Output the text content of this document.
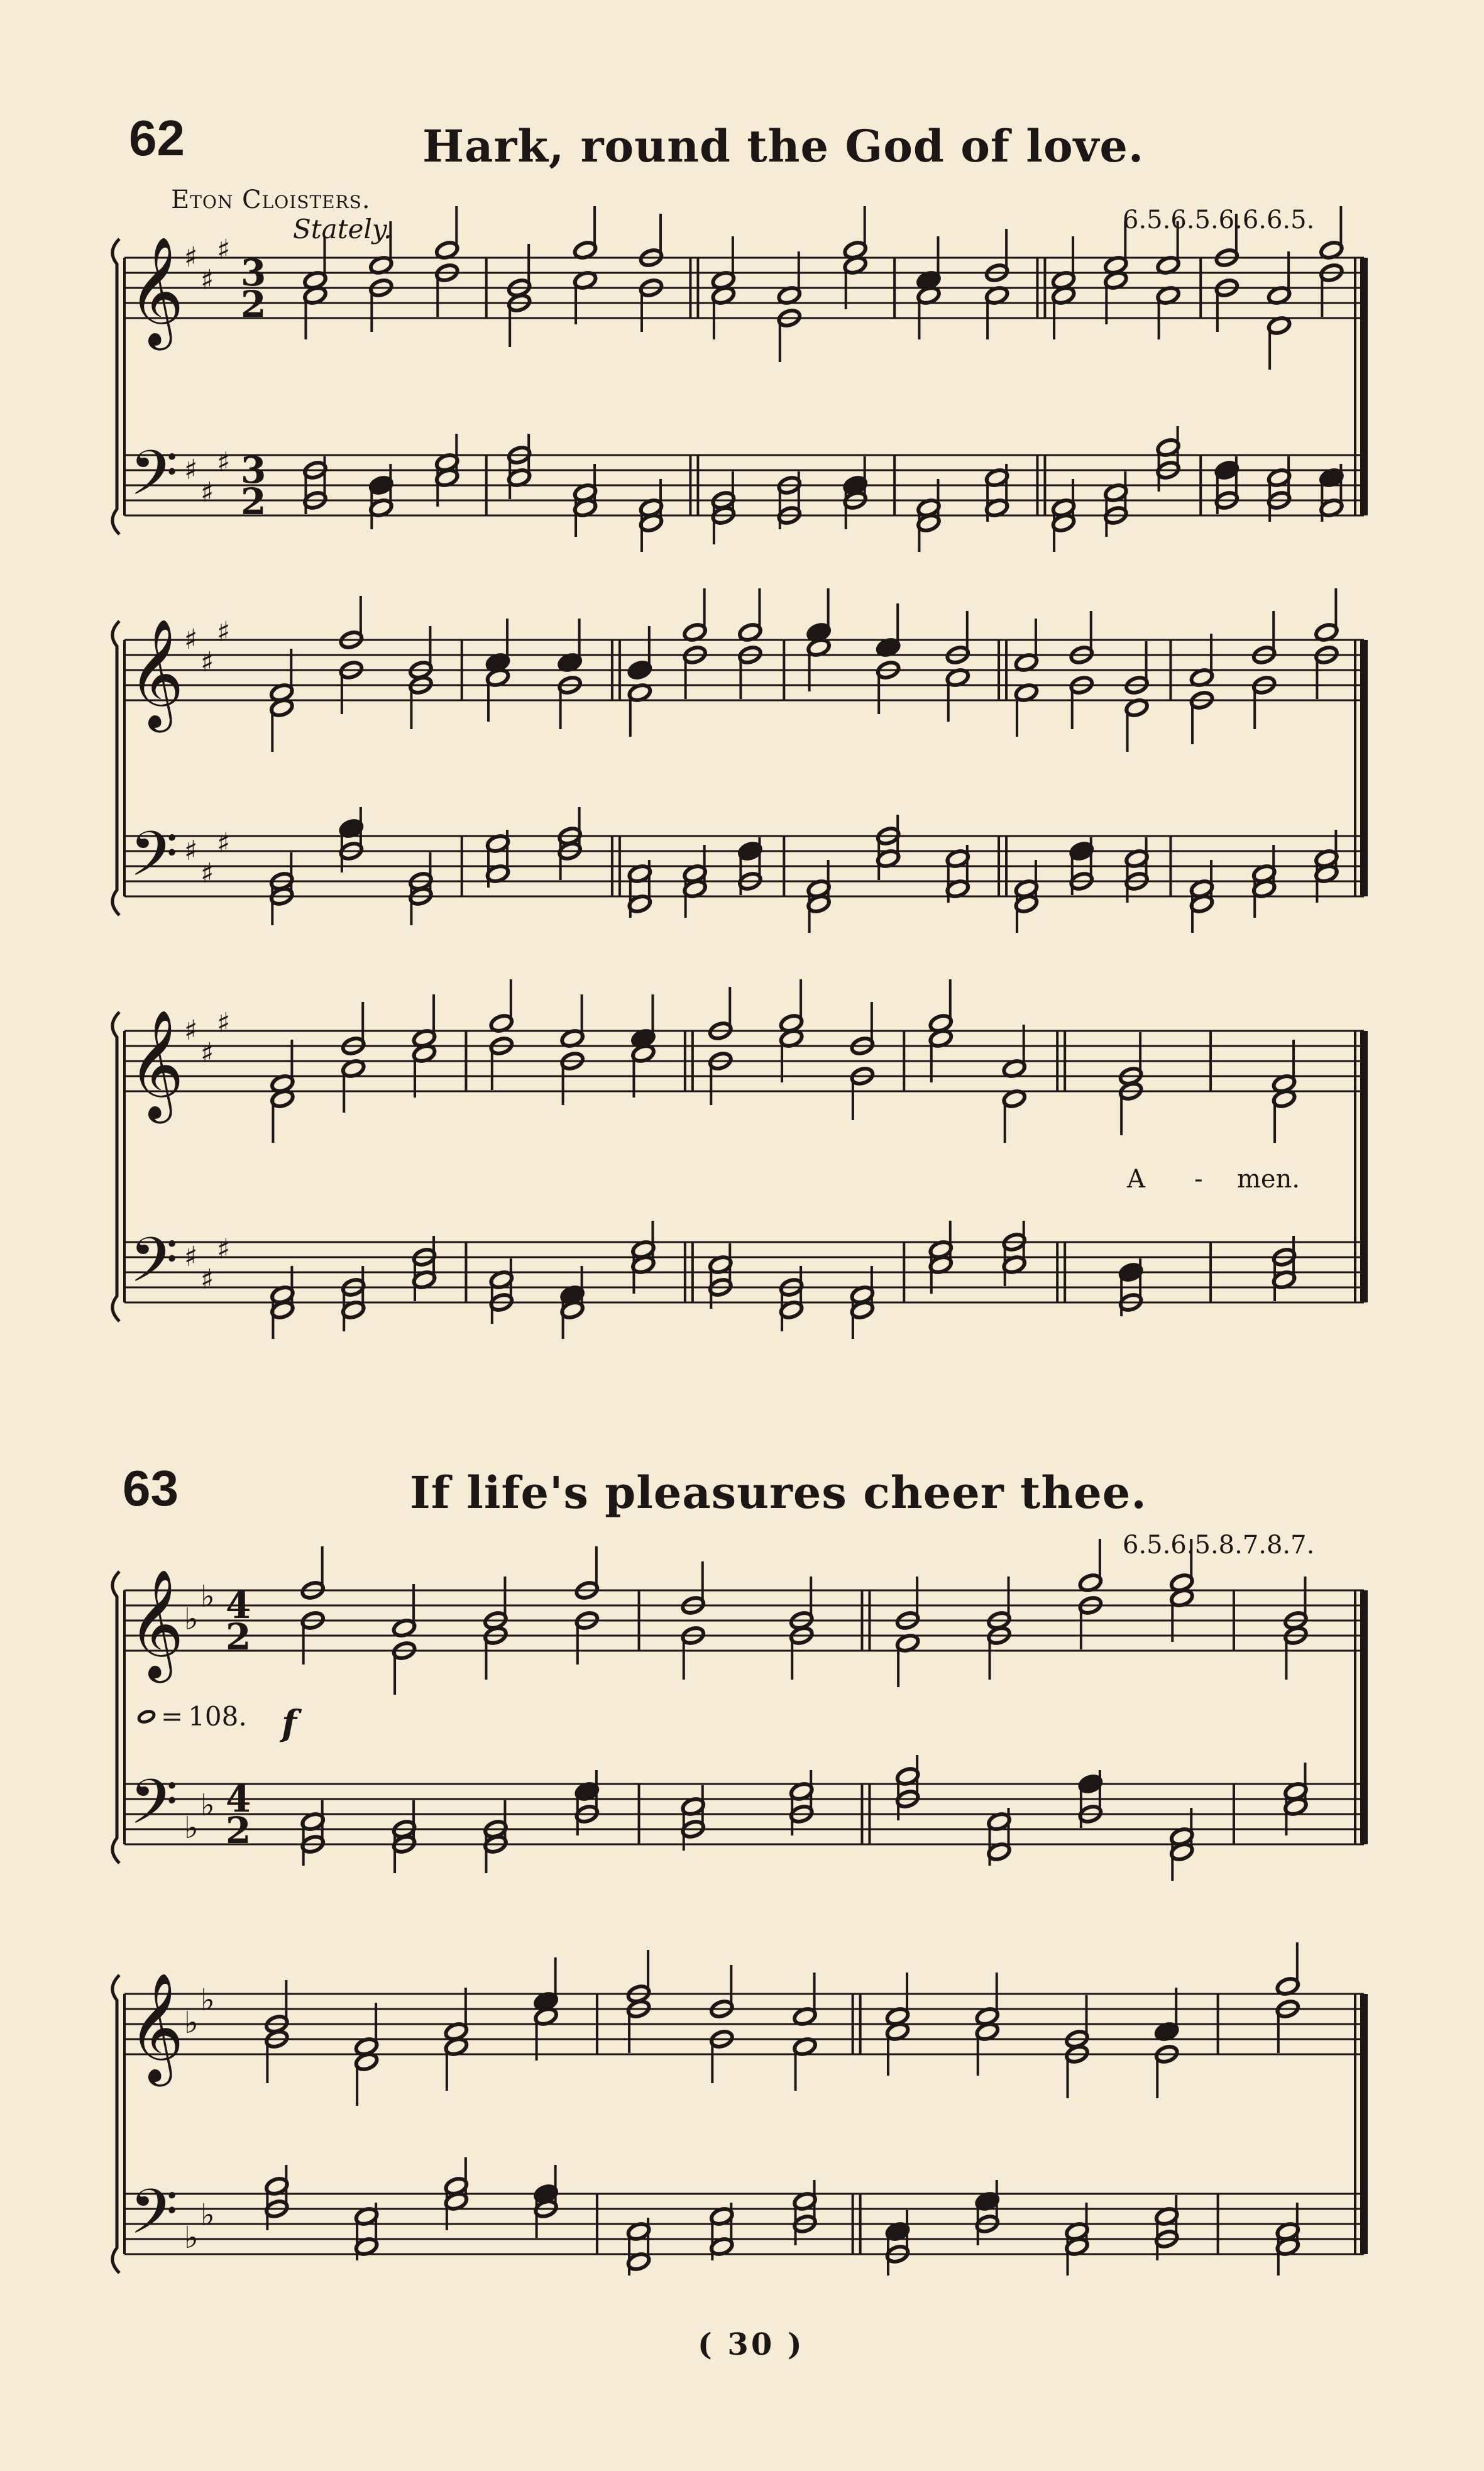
𝄞
𝄢
♯
♯
♯
♯
♯
♯
3
2
3
2
𝄞
𝄢
♯
♯
♯
♯
♯
♯
𝄞
𝄢
♯
♯
♯
♯
♯
♯
𝄞
𝄢
♭
♭
♭
♭
4
2
4
2
𝄞
𝄢
♭
♭
♭
♭
62	Hark, round the God of love.
Eton Cloisters.
Stately.	6.5.6.5.6.6.6.5.
A - men.
63	If life's pleasures cheer thee.
6.5.6.5.8.7.8.7.
= 108. f
( 30 )
